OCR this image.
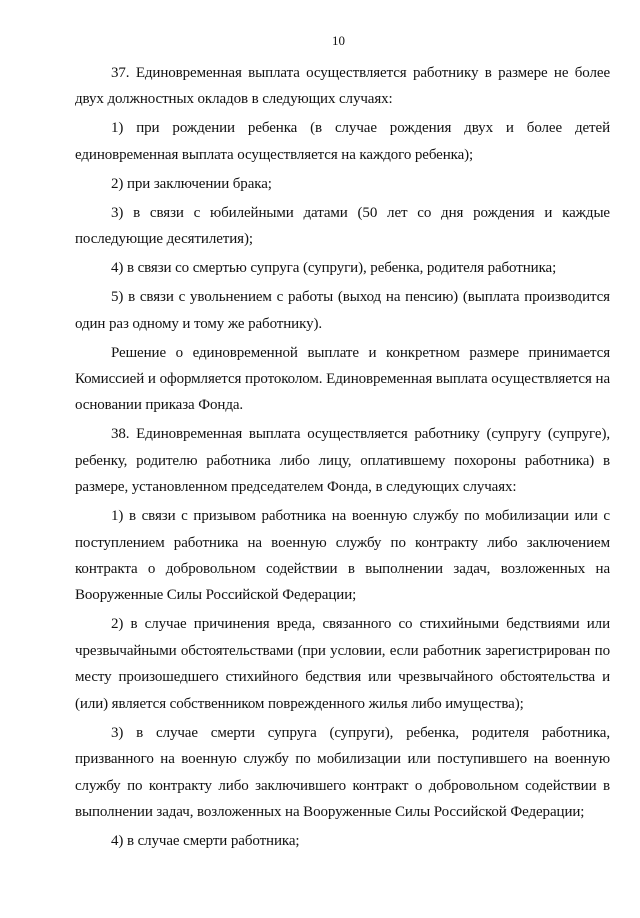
10

37. Единовременная выплата осуществляется работнику в размере не более двух должностных окладов в следующих случаях:

1) при рождении ребенка (в случае рождения двух и более детей единовременная выплата осуществляется на каждого ребенка);

2) при заключении брака;

3) в связи с юбилейными датами (50 лет со дня рождения и каждые последующие десятилетия);

4) в связи со смертью супруга (супруги), ребенка, родителя работника;

5) в связи с увольнением с работы (выход на пенсию) (выплата производится один раз одному и тому же работнику).

Решение о единовременной выплате и конкретном размере принимается Комиссией и оформляется протоколом. Единовременная выплата осуществляется на основании приказа Фонда.

38. Единовременная выплата осуществляется работнику (супругу (супруге), ребенку, родителю работника либо лицу, оплатившему похороны работника) в размере, установленном председателем Фонда, в следующих случаях:

1) в связи с призывом работника на военную службу по мобилизации или с поступлением работника на военную службу по контракту либо заключением контракта о добровольном содействии в выполнении задач, возложенных на Вооруженные Силы Российской Федерации;

2) в случае причинения вреда, связанного со стихийными бедствиями или чрезвычайными обстоятельствами (при условии, если работник зарегистрирован по месту произошедшего стихийного бедствия или чрезвычайного обстоятельства и (или) является собственником поврежденного жилья либо имущества);

3) в случае смерти супруга (супруги), ребенка, родителя работника, призванного на военную службу по мобилизации или поступившего на военную службу по контракту либо заключившего контракт о добровольном содействии в выполнении задач, возложенных на Вооруженные Силы Российской Федерации;

4) в случае смерти работника;
